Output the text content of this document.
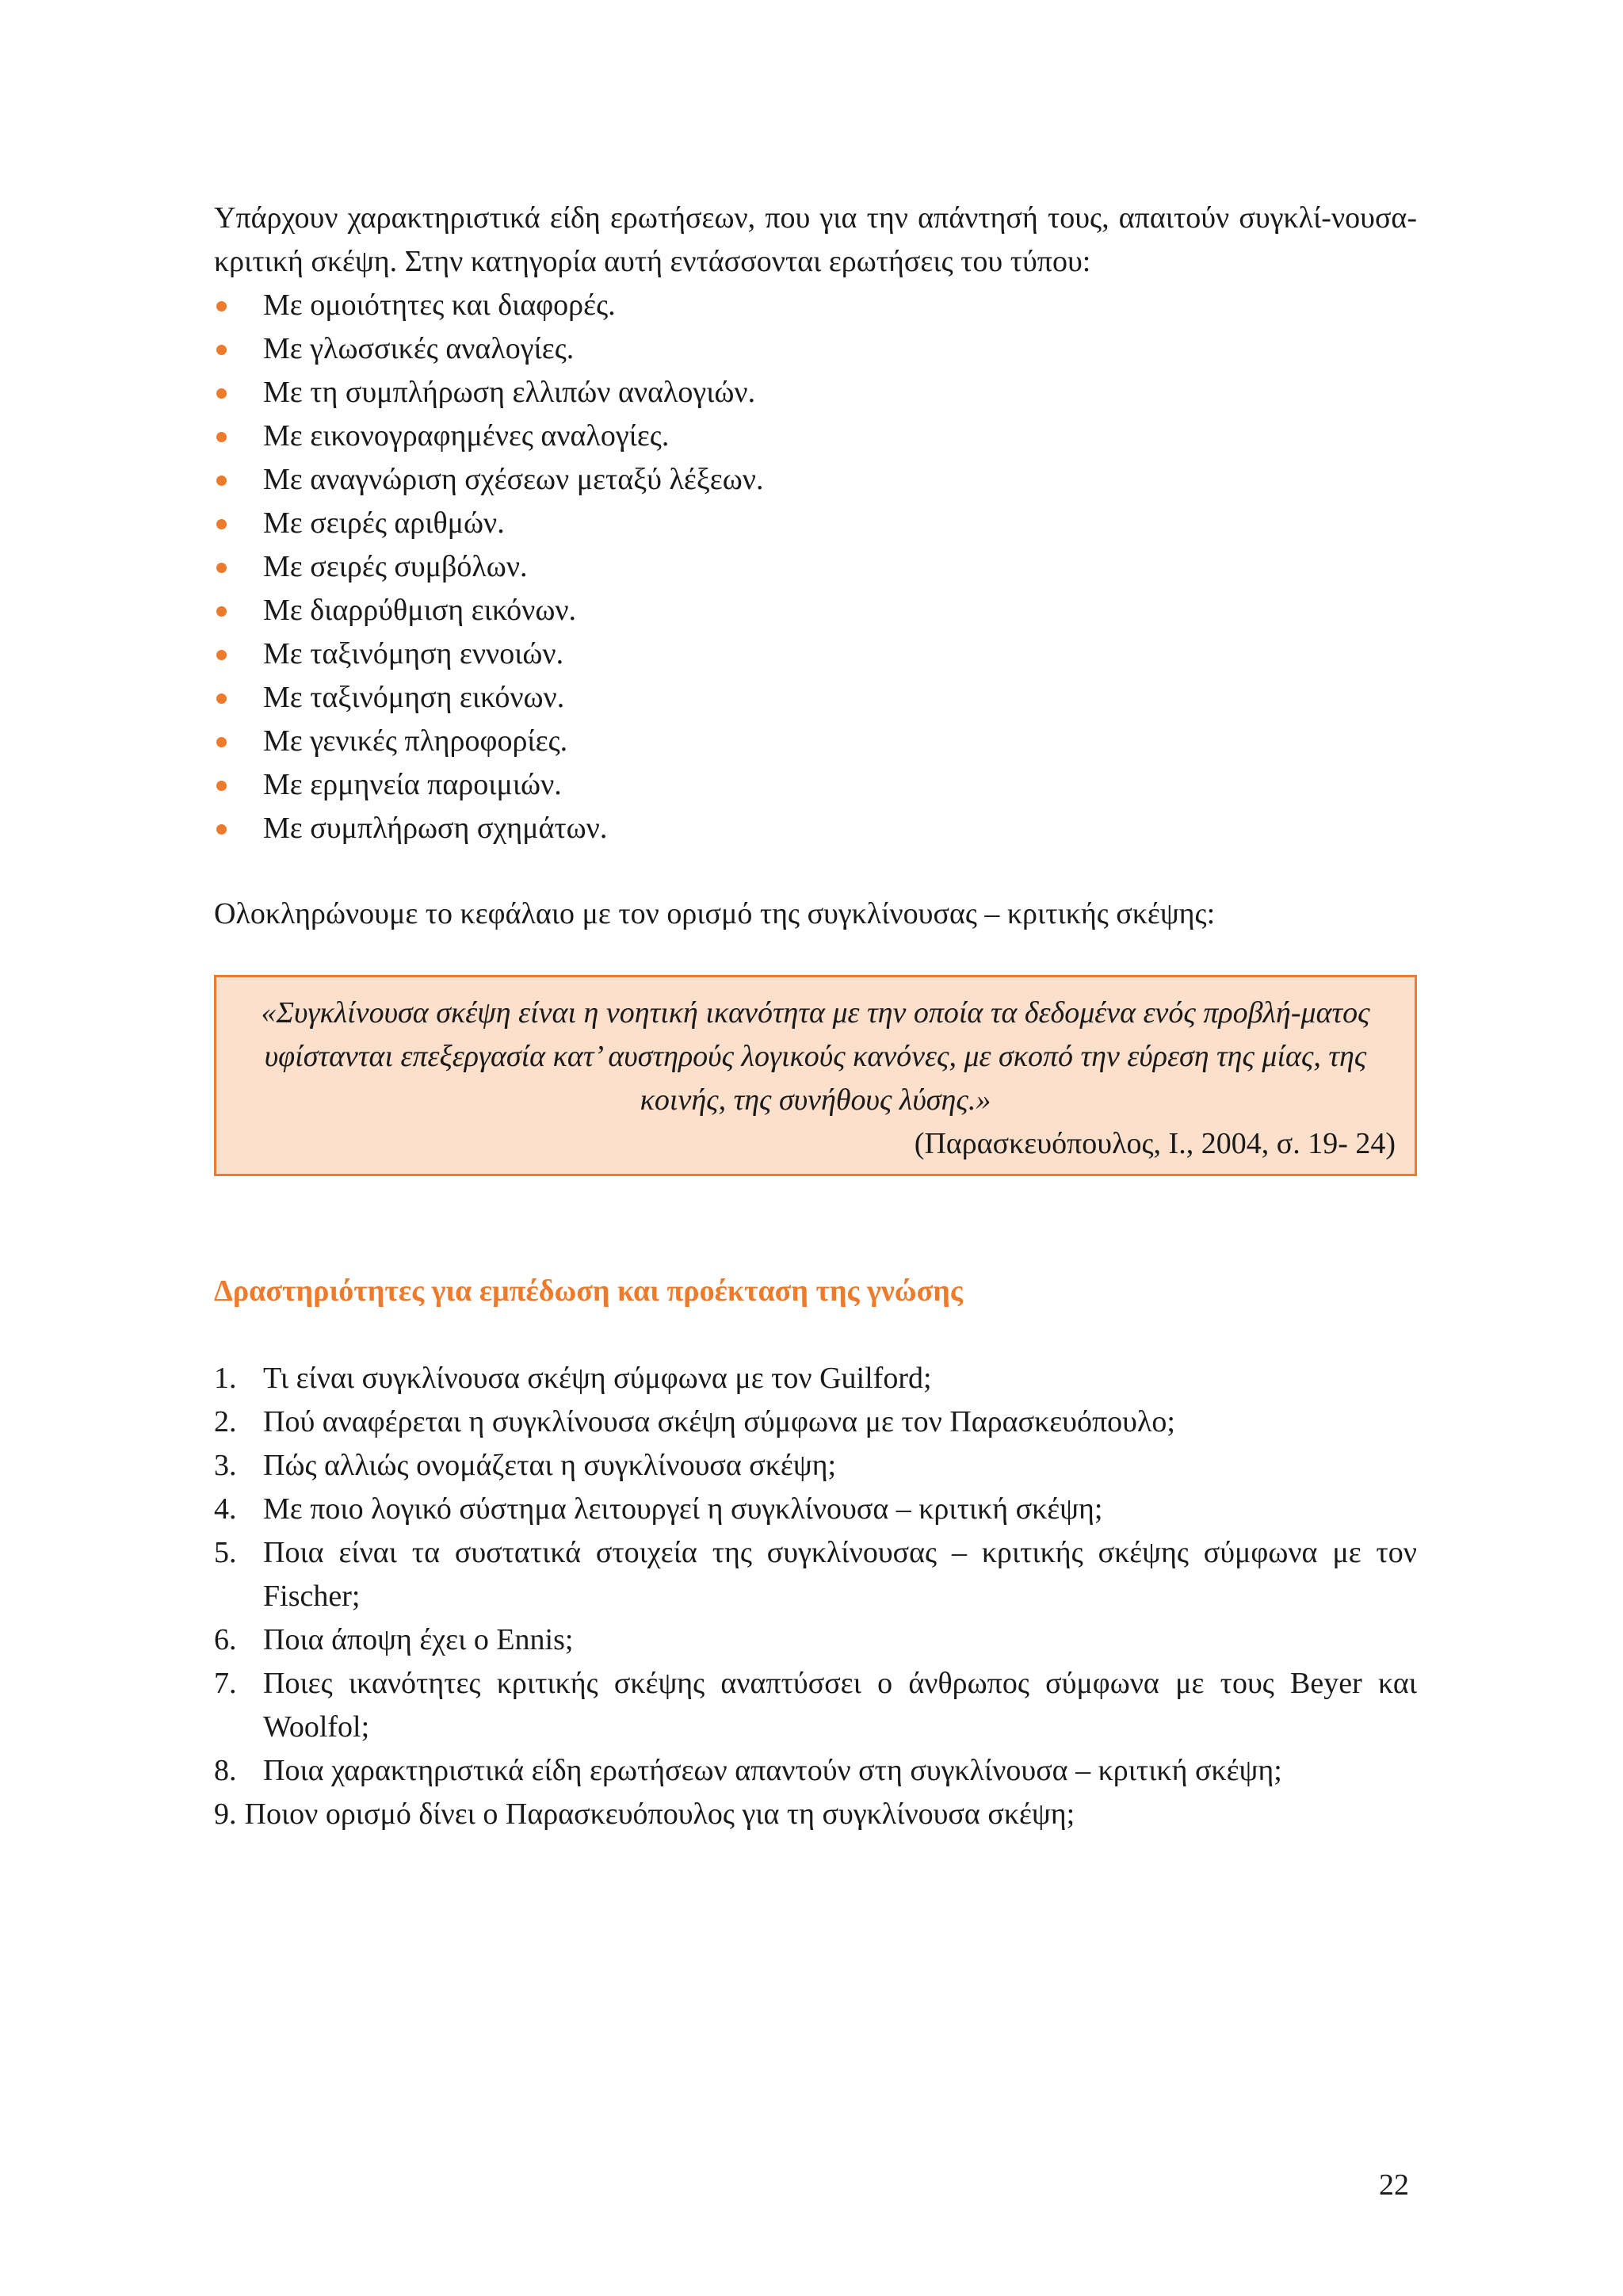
Υπάρχουν χαρακτηριστικά είδη ερωτήσεων, που για την απάντησή τους, απαιτούν συγκλί-νουσα- κριτική σκέψη. Στην κατηγορία αυτή εντάσσονται ερωτήσεις του τύπου:

Με ομοιότητες και διαφορές.
Με γλωσσικές αναλογίες.
Με τη συμπλήρωση ελλιπών αναλογιών.
Με εικονογραφημένες αναλογίες.
Με αναγνώριση σχέσεων μεταξύ λέξεων.
Με σειρές αριθμών.
Με σειρές συμβόλων.
Με διαρρύθμιση εικόνων.
Με ταξινόμηση εννοιών.
Με ταξινόμηση εικόνων.
Με γενικές πληροφορίες.
Με ερμηνεία παροιμιών.
Με συμπλήρωση σχημάτων.

Ολοκληρώνουμε το κεφάλαιο με τον ορισμό της συγκλίνουσας – κριτικής σκέψης:

«Συγκλίνουσα σκέψη είναι η νοητική ικανότητα με την οποία τα δεδομένα ενός προβλή-ματος υφίστανται επεξεργασία κατ’ αυστηρούς λογικούς κανόνες, με σκοπό την εύρεση της μίας, της κοινής, της συνήθους λύσης.»

(Παρασκευόπουλος, Ι., 2004, σ. 19- 24)

Δραστηριότητες για εμπέδωση και προέκταση της γνώσης
1. Τι είναι συγκλίνουσα σκέψη σύμφωνα με τον Guilford;
2. Πού αναφέρεται η συγκλίνουσα σκέψη σύμφωνα με τον Παρασκευόπουλο;
3. Πώς αλλιώς ονομάζεται η συγκλίνουσα σκέψη;
4. Με ποιο λογικό σύστημα λειτουργεί η συγκλίνουσα – κριτική σκέψη;
5. Ποια είναι τα συστατικά στοιχεία της συγκλίνουσας – κριτικής σκέψης σύμφωνα με τον Fischer;
6. Ποια άποψη έχει ο Ennis;
7. Ποιες ικανότητες κριτικής σκέψης αναπτύσσει ο άνθρωπος σύμφωνα με τους Beyer και Woolfol;
8. Ποια χαρακτηριστικά είδη ερωτήσεων απαντούν στη συγκλίνουσα – κριτική σκέψη;
9. Ποιον ορισμό δίνει ο Παρασκευόπουλος για τη συγκλίνουσα σκέψη;
22
